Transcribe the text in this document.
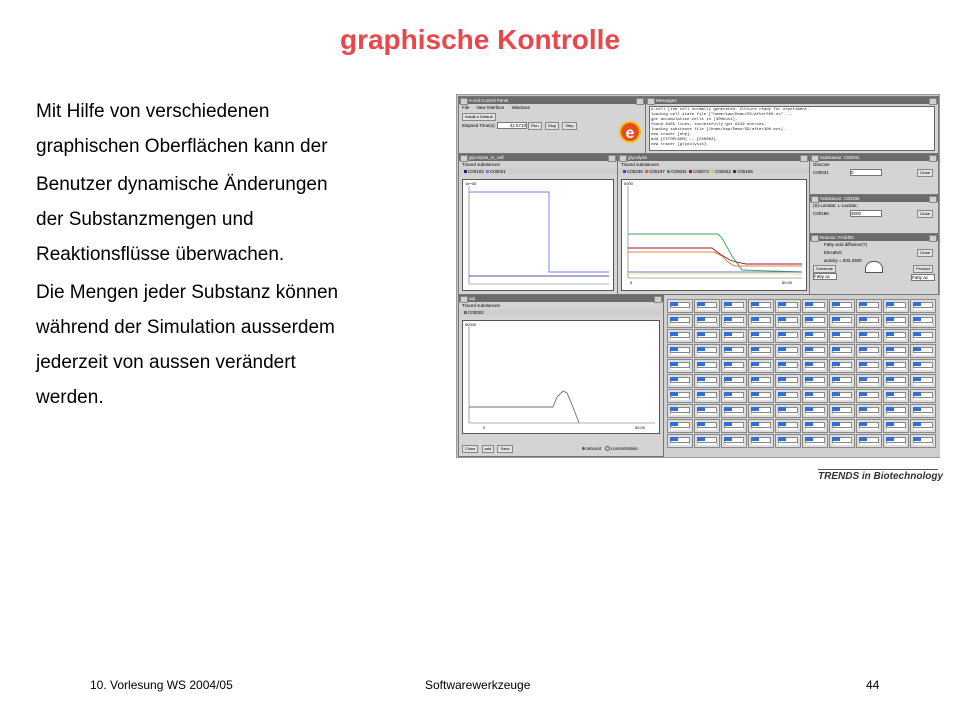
graphische Kontrolle

Mit Hilfe von verschiedenen
graphischen Oberflächen kann der

Benutzer dynamische Änderungen
der Substanzmengen und
Reaktionsflüsse überwachen.

Die Mengen jeder Substanz können
während der Simulation ausserdem
jederzeit von aussen verändert
werden.

e-cell Control Panel
File New Interface Windows
Install a Default
Elapsed Time(s):	42.5710 Run Stop Step	e
Messages
e-cell [the cell normally generated. Culture ready for experiment.
loading cell state file ["home/kaw/Demo/SS/after500.cs" ...
got accumulation cells is [300kusi].
found 6465 lines, successfully got 6419 entries.
loading substance file [/home/kaw/Demo/SS/after300.ecs].
new tracer [ehp].
add [CYTOPLASM] -- [C00002].
new tracer [glycolysis].
glycolysis_in_cell
Traced substances
C00103 C00031
1e+00
glycolysis
Traced substances
C00236 C00197 C00631 C00074 C00022 C00186
5000
0	50.00
Substance: C00031
Glucose
C00031	0	Close
Substance: C00186
(S)-Lactate; L-Lactate;
C00186	3000	Close
Reactor: FAdd00
Fatty acid diffusion(?)
ElecaNG	Close
activity = 833.2500
Substrate	Product
Fatty ac	Fatty ac
atp
Traced substances
C00002
50000
0	50.00
Close add Save	amount concentration
TRENDS in Biotechnology
10. Vorlesung WS 2004/05	Softwarewerkzeuge	44
